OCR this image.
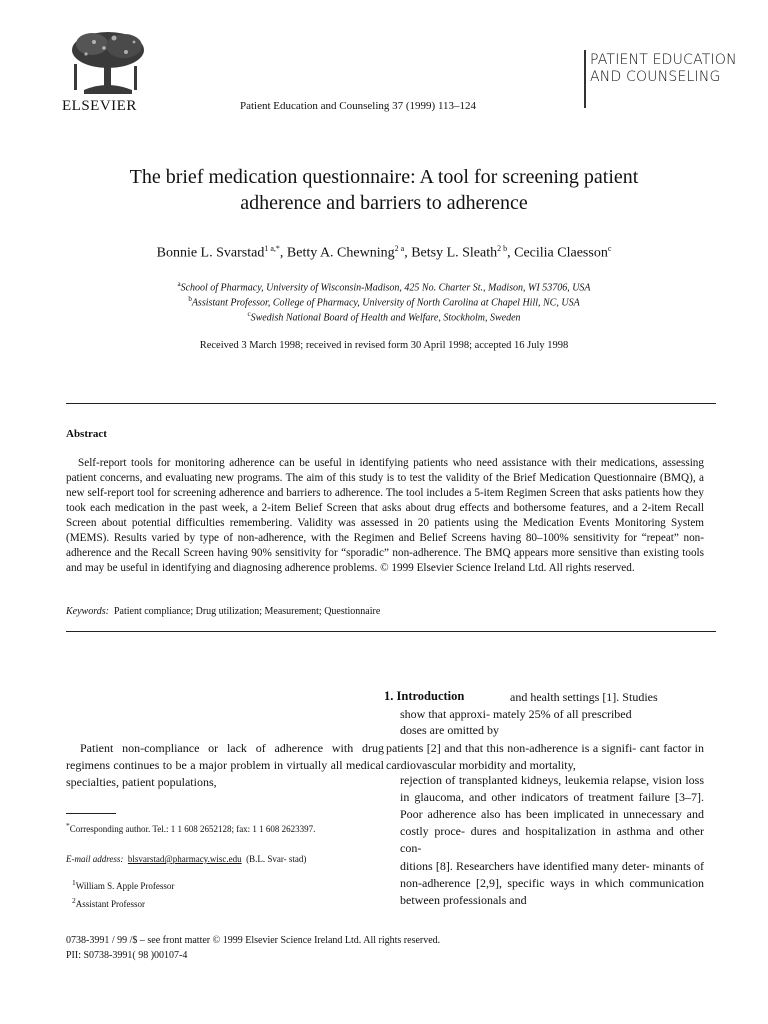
ELSEVIER	Patient Education and Counseling 37 (1999) 113–124
PATIENT EDUCATION
AND COUNSELING
The brief medication questionnaire: A tool for screening patient
adherence and barriers to adherence
Bonnie L. Svarstad$^{1 a,*}$, Betty A. Chewning$^{2 a}$, Betsy L. Sleath$^{2 b}$, Cecilia Claesson$^c$
$^a$School of Pharmacy, University of Wisconsin-Madison, 425 No. Charter St., Madison, WI 53706, USA
$^b$Assistant Professor, College of Pharmacy, University of North Carolina at Chapel Hill, NC, USA
$^c$Swedish National Board of Health and Welfare, Stockholm, Sweden
Received 3 March 1998; received in revised form 30 April 1998; accepted 16 July 1998
Abstract
Self-report tools for monitoring adherence can be useful in identifying patients who need assistance with their medications, assessing patient concerns, and evaluating new programs. The aim of this study is to test the validity of the Brief Medication Questionnaire (BMQ), a new self-report tool for screening adherence and barriers to adherence. The tool includes a 5-item Regimen Screen that asks patients how they took each medication in the past week, a 2-item Belief Screen that asks about drug effects and bothersome features, and a 2-item Recall Screen about potential difficulties remembering. Validity was assessed in 20 patients using the Medication Events Monitoring System (MEMS). Results varied by type of non-adherence, with the Regimen and Belief Screens having 80–100% sensitivity for “repeat” non-adherence and the Recall Screen having 90% sensitivity for “sporadic” non-adherence. The BMQ appears more sensitive than existing tools and may be useful in identifying and diagnosing adherence problems. © 1999 Elsevier Science Ireland Ltd. All rights reserved.
Keywords: Patient compliance; Drug utilization; Measurement; Questionnaire
1. Introduction	and health settings [1]. Studies
show that approxi- mately 25% of all prescribed
doses are omitted by
Patient non-compliance or lack of adherence with drug regimens continues to be a major problem in virtually all medical specialties, patient populations,
patients [2] and that this non-adherence is a signifi- cant factor in cardiovascular morbidity and mortality,
rejection of transplanted kidneys, leukemia relapse, vision loss in glaucoma, and other indicators of treatment failure [3–7]. Poor adherence also has been implicated in unnecessary and costly proce- dures and hospitalization in asthma and other con-
ditions [8]. Researchers have identified many deter- minants of non-adherence [2,9], specific ways in which communication between professionals and
*Corresponding author. Tel.: 1 1 608 2652128; fax: 1 1 608 2623397.
E-mail address: blsvarstad@pharmacy.wisc.edu (B.L. Svar- stad)
$^1$William S. Apple Professor
$^2$Assistant Professor
0738-3991 / 99 /$ – see front matter © 1999 Elsevier Science Ireland Ltd. All rights reserved.
PII: S0738-3991( 98 )00107-4
